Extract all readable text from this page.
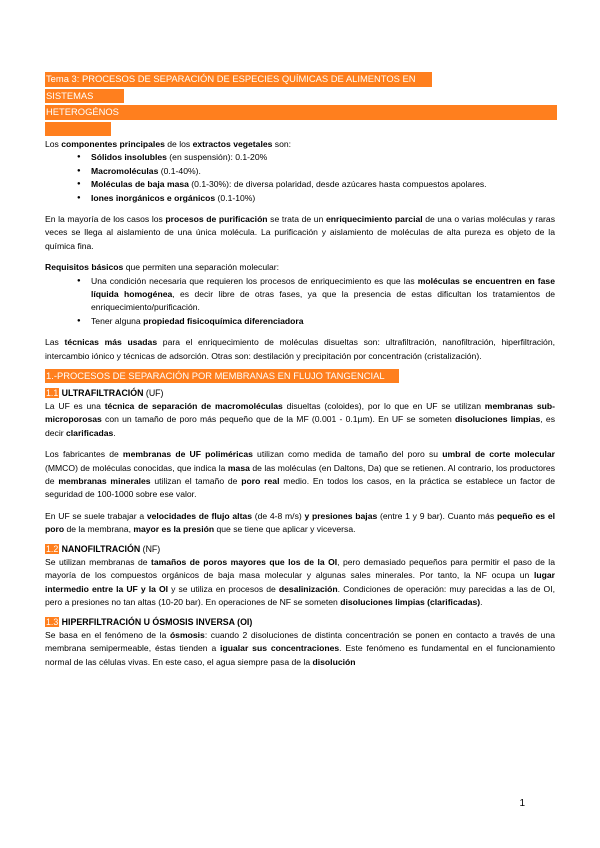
Tema 3: PROCESOS DE SEPARACIÓN DE ESPECIES QUÍMICAS DE ALIMENTOS EN
SISTEMAS
HETEROGÉNOS

Los componentes principales de los extractos vegetales son:

● Sólidos insolubles (en suspensión): 0.1-20%
● Macromoléculas (0.1-40%).
● Moléculas de baja masa (0.1-30%): de diversa polaridad, desde azúcares hasta compuestos apolares.
● Iones inorgánicos e orgánicos (0.1-10%)

En la mayoría de los casos los procesos de purificación se trata de un enriquecimiento parcial de una o varias moléculas y raras veces se llega al aislamiento de una única molécula. La purificación y aislamiento de moléculas de alta pureza es objeto de la química fina.

Requisitos básicos que permiten una separación molecular:

● Una condición necesaria que requieren los procesos de enriquecimiento es que las moléculas se encuentren en fase líquida homogénea, es decir libre de otras fases, ya que la presencia de estas dificultan los tratamientos de enriquecimiento/purificación.
● Tener alguna propiedad fisicoquímica diferenciadora

Las técnicas más usadas para el enriquecimiento de moléculas disueltas son: ultrafiltración, nanofiltración, hiperfiltración, intercambio iónico y técnicas de adsorción. Otras son: destilación y precipitación por concentración (cristalización).

1.-PROCESOS DE SEPARACIÓN POR MEMBRANAS EN FLUJO TANGENCIAL
1.1 ULTRAFILTRACIÓN (UF)

La UF es una técnica de separación de macromoléculas disueltas (coloides), por lo que en UF se utilizan membranas sub-microporosas con un tamaño de poro más pequeño que de la MF (0.001 - 0.1µm). En UF se someten disoluciones limpias, es decir clarificadas.

Los fabricantes de membranas de UF poliméricas utilizan como medida de tamaño del poro su umbral de corte molecular (MMCO) de moléculas conocidas, que indica la masa de las moléculas (en Daltons, Da) que se retienen. Al contrario, los productores de membranas minerales utilizan el tamaño de poro real medio. En todos los casos, en la práctica se establece un factor de seguridad de 100-1000 sobre ese valor.

En UF se suele trabajar a velocidades de flujo altas (de 4-8 m/s) y presiones bajas (entre 1 y 9 bar). Cuanto más pequeño es el poro de la membrana, mayor es la presión que se tiene que aplicar y viceversa.

1.2 NANOFILTRACIÓN (NF)

Se utilizan membranas de tamaños de poros mayores que los de la OI, pero demasiado pequeños para permitir el paso de la mayoría de los compuestos orgánicos de baja masa molecular y algunas sales minerales. Por tanto, la NF ocupa un lugar intermedio entre la UF y la OI y se utiliza en procesos de desalinización. Condiciones de operación: muy parecidas a las de OI, pero a presiones no tan altas (10-20 bar). En operaciones de NF se someten disoluciones limpias (clarificadas).

1.3 HIPERFILTRACIÓN U ÓSMOSIS INVERSA (OI)

Se basa en el fenómeno de la ósmosis: cuando 2 disoluciones de distinta concentración se ponen en contacto a través de una membrana semipermeable, éstas tienden a igualar sus concentraciones. Este fenómeno es fundamental en el funcionamiento normal de las células vivas. En este caso, el agua siempre pasa de la disolución

1
